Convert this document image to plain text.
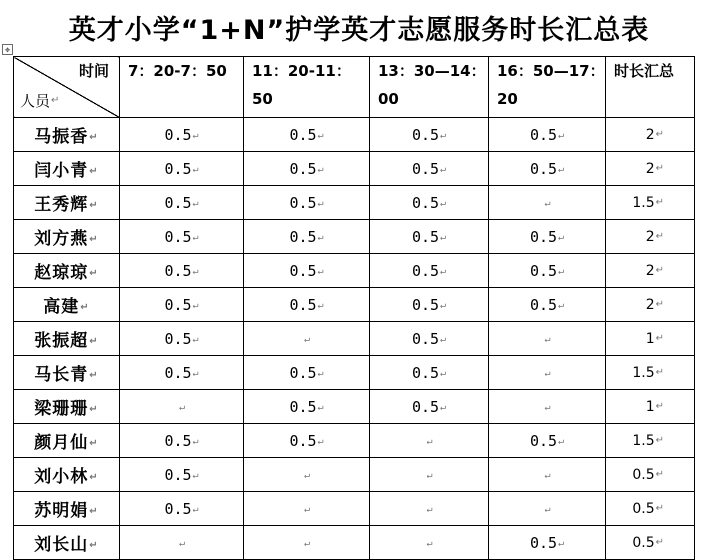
英才小学“1+N”护学英才志愿服务时长汇总表
✥
时间
人员↵	7：20-7：50	11：20-11：50	13：30—14：00	16：50—17：20	时长汇总
马振香↵	0.5↵	0.5↵	0.5↵	0.5↵	2↵
闫小青↵	0.5↵	0.5↵	0.5↵	0.5↵	2↵
王秀辉↵	0.5↵	0.5↵	0.5↵	↵	1.5↵
刘方燕↵	0.5↵	0.5↵	0.5↵	0.5↵	2↵
赵琼琼↵	0.5↵	0.5↵	0.5↵	0.5↵	2↵
高建↵	0.5↵	0.5↵	0.5↵	0.5↵	2↵
张振超↵	0.5↵	↵	0.5↵	↵	1↵
马长青↵	0.5↵	0.5↵	0.5↵	↵	1.5↵
梁珊珊↵	↵	0.5↵	0.5↵	↵	1↵
颜月仙↵	0.5↵	0.5↵	↵	0.5↵	1.5↵
刘小林↵	0.5↵	↵	↵	↵	0.5↵
苏明娟↵	0.5↵	↵	↵	↵	0.5↵
刘长山↵	↵	↵	↵	0.5↵	0.5↵
